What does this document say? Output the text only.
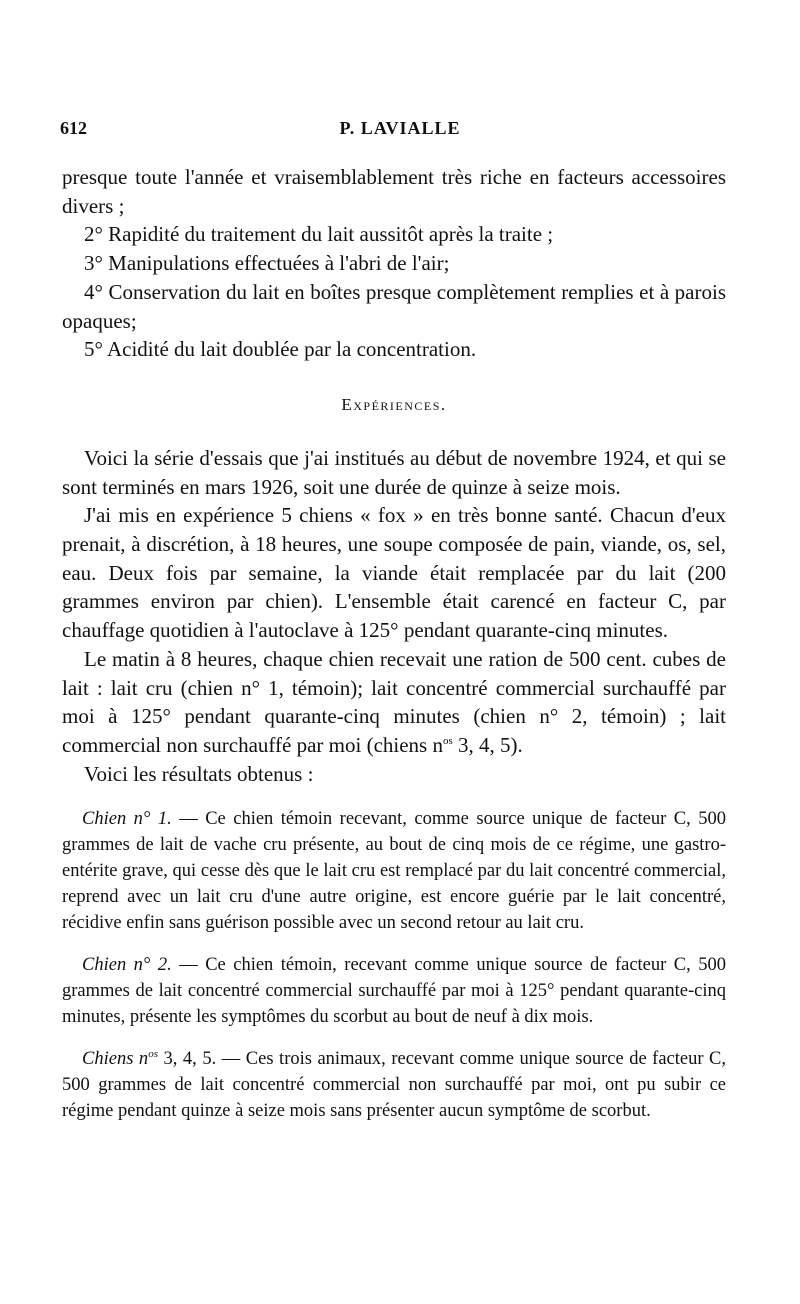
612	P. LAVIALLE

presque toute l'année et vraisemblablement très riche en facteurs accessoires divers ;

2° Rapidité du traitement du lait aussitôt après la traite ;

3° Manipulations effectuées à l'abri de l'air;

4° Conservation du lait en boîtes presque complètement remplies et à parois opaques;

5° Acidité du lait doublée par la concentration.

Expériences.

Voici la série d'essais que j'ai institués au début de novembre 1924, et qui se sont terminés en mars 1926, soit une durée de quinze à seize mois.

J'ai mis en expérience 5 chiens « fox » en très bonne santé. Chacun d'eux prenait, à discrétion, à 18 heures, une soupe composée de pain, viande, os, sel, eau. Deux fois par semaine, la viande était remplacée par du lait (200 grammes environ par chien). L'ensemble était carencé en facteur C, par chauffage quotidien à l'autoclave à 125° pendant quarante-cinq minutes.

Le matin à 8 heures, chaque chien recevait une ration de 500 cent. cubes de lait : lait cru (chien n° 1, témoin); lait concentré commercial surchauffé par moi à 125° pendant quarante-cinq minutes (chien n° 2, témoin) ; lait commercial non surchauffé par moi (chiens $n^{os}$ 3, 4, 5).

Voici les résultats obtenus :

Chien n° 1. — Ce chien témoin recevant, comme source unique de facteur C, 500 grammes de lait de vache cru présente, au bout de cinq mois de ce régime, une gastro-entérite grave, qui cesse dès que le lait cru est remplacé par du lait concentré commercial, reprend avec un lait cru d'une autre origine, est encore guérie par le lait concentré, récidive enfin sans guérison possible avec un second retour au lait cru.

Chien n° 2. — Ce chien témoin, recevant comme unique source de facteur C, 500 grammes de lait concentré commercial surchauffé par moi à 125° pendant quarante-cinq minutes, présente les symptômes du scorbut au bout de neuf à dix mois.

Chiens $n^{os}$ 3, 4, 5. — Ces trois animaux, recevant comme unique source de facteur C, 500 grammes de lait concentré commercial non surchauffé par moi, ont pu subir ce régime pendant quinze à seize mois sans présenter aucun symptôme de scorbut.
